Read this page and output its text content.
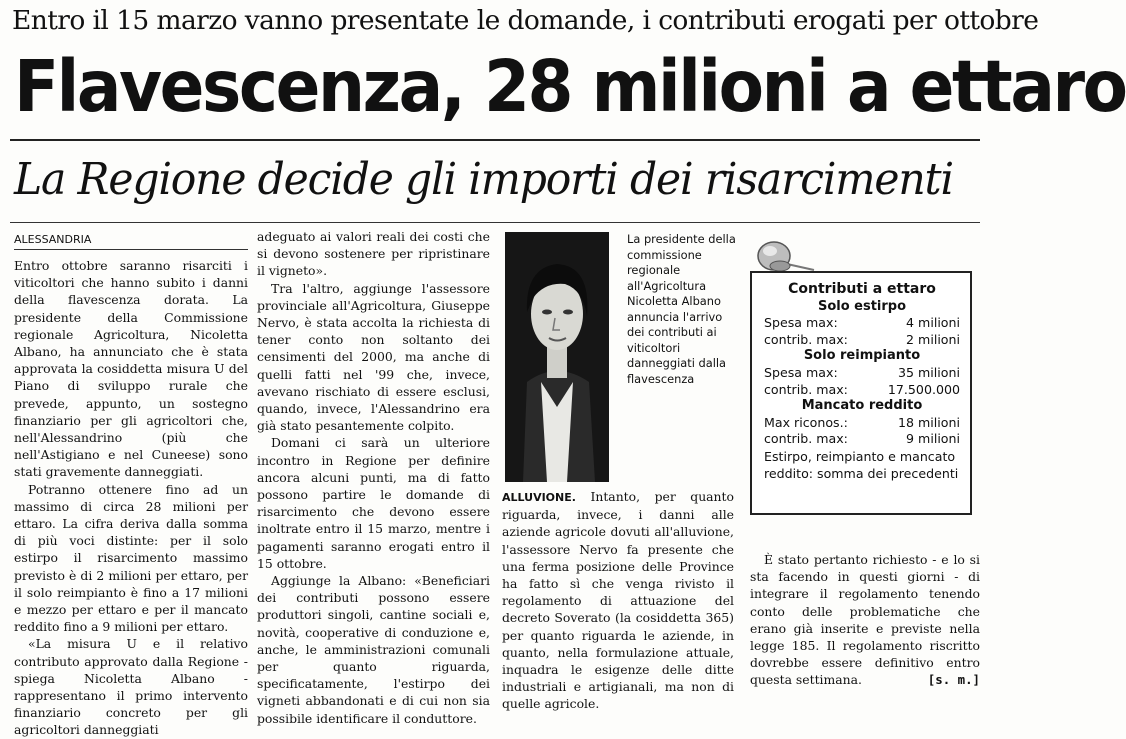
Entro il 15 marzo vanno presentate le domande, i contributi erogati per ottobre
Flavescenza, 28 milioni a ettaro
La Regione decide gli importi dei risarcimenti
ALESSANDRIA

Entro ottobre saranno risarciti i viticoltori che hanno subito i danni della flavescenza dorata. La presidente della Commissione regionale Agricoltura, Nicoletta Albano, ha annunciato che è stata approvata la cosiddetta misura U del Piano di sviluppo rurale che prevede, appunto, un sostegno finanziario per gli agricoltori che, nell'Alessandrino (più che nell'Astigiano e nel Cuneese) sono stati gravemente danneggiati.

Potranno ottenere fino ad un massimo di circa 28 milioni per ettaro. La cifra deriva dalla somma di più voci distinte: per il solo estirpo il risarcimento massimo previsto è di 2 milioni per ettaro, per il solo reimpianto è fino a 17 milioni e mezzo per ettaro e per il mancato reddito fino a 9 milioni per ettaro.

«La misura U e il relativo contributo approvato dalla Regione - spiega Nicoletta Albano - rappresentano il primo intervento finanziario concreto per gli agricoltori danneggiati

adeguato ai valori reali dei costi che si devono sostenere per ripristinare il vigneto».

Tra l'altro, aggiunge l'assessore provinciale all'Agricoltura, Giuseppe Nervo, è stata accolta la richiesta di tener conto non soltanto dei censimenti del 2000, ma anche di quelli fatti nel '99 che, invece, avevano rischiato di essere esclusi, quando, invece, l'Alessandrino era già stato pesantemente colpito.

Domani ci sarà un ulteriore incontro in Regione per definire ancora alcuni punti, ma di fatto possono partire le domande di risarcimento che devono essere inoltrate entro il 15 marzo, mentre i pagamenti saranno erogati entro il 15 ottobre.

Aggiunge la Albano: «Beneficiari dei contributi possono essere produttori singoli, cantine sociali e, novità, cooperative di conduzione e, anche, le amministrazioni comunali per quanto riguarda, specificatamente, l'estirpo dei vigneti abbandonati e di cui non sia possibile identificare il conduttore.

La presidente della commissione regionale all'Agricoltura Nicoletta Albano annuncia l'arrivo dei contributi ai viticoltori danneggiati dalla flavescenza
Contributi a ettaro
Solo estirpo
Spesa max:	4 milioni
contrib. max:	2 milioni
Solo reimpianto
Spesa max:	35 milioni
contrib. max:	17.500.000
Mancato reddito
Max riconos.:	18 milioni
contrib. max:	9 milioni
Estirpo, reimpianto e mancato reddito: somma dei precedenti

ALLUVIONE. Intanto, per quanto riguarda, invece, i danni alle aziende agricole dovuti all'alluvione, l'assessore Nervo fa presente che una ferma posizione delle Province ha fatto sì che venga rivisto il regolamento di attuazione del decreto Soverato (la cosiddetta 365) per quanto riguarda le aziende, in quanto, nella formulazione attuale, inquadra le esigenze delle ditte industriali e artigianali, ma non di quelle agricole.

È stato pertanto richiesto - e lo si sta facendo in questi giorni - di integrare il regolamento tenendo conto delle problematiche che erano già inserite e previste nella legge 185. Il regolamento riscritto dovrebbe essere definitivo entro questa settimana.	[s. m.]
